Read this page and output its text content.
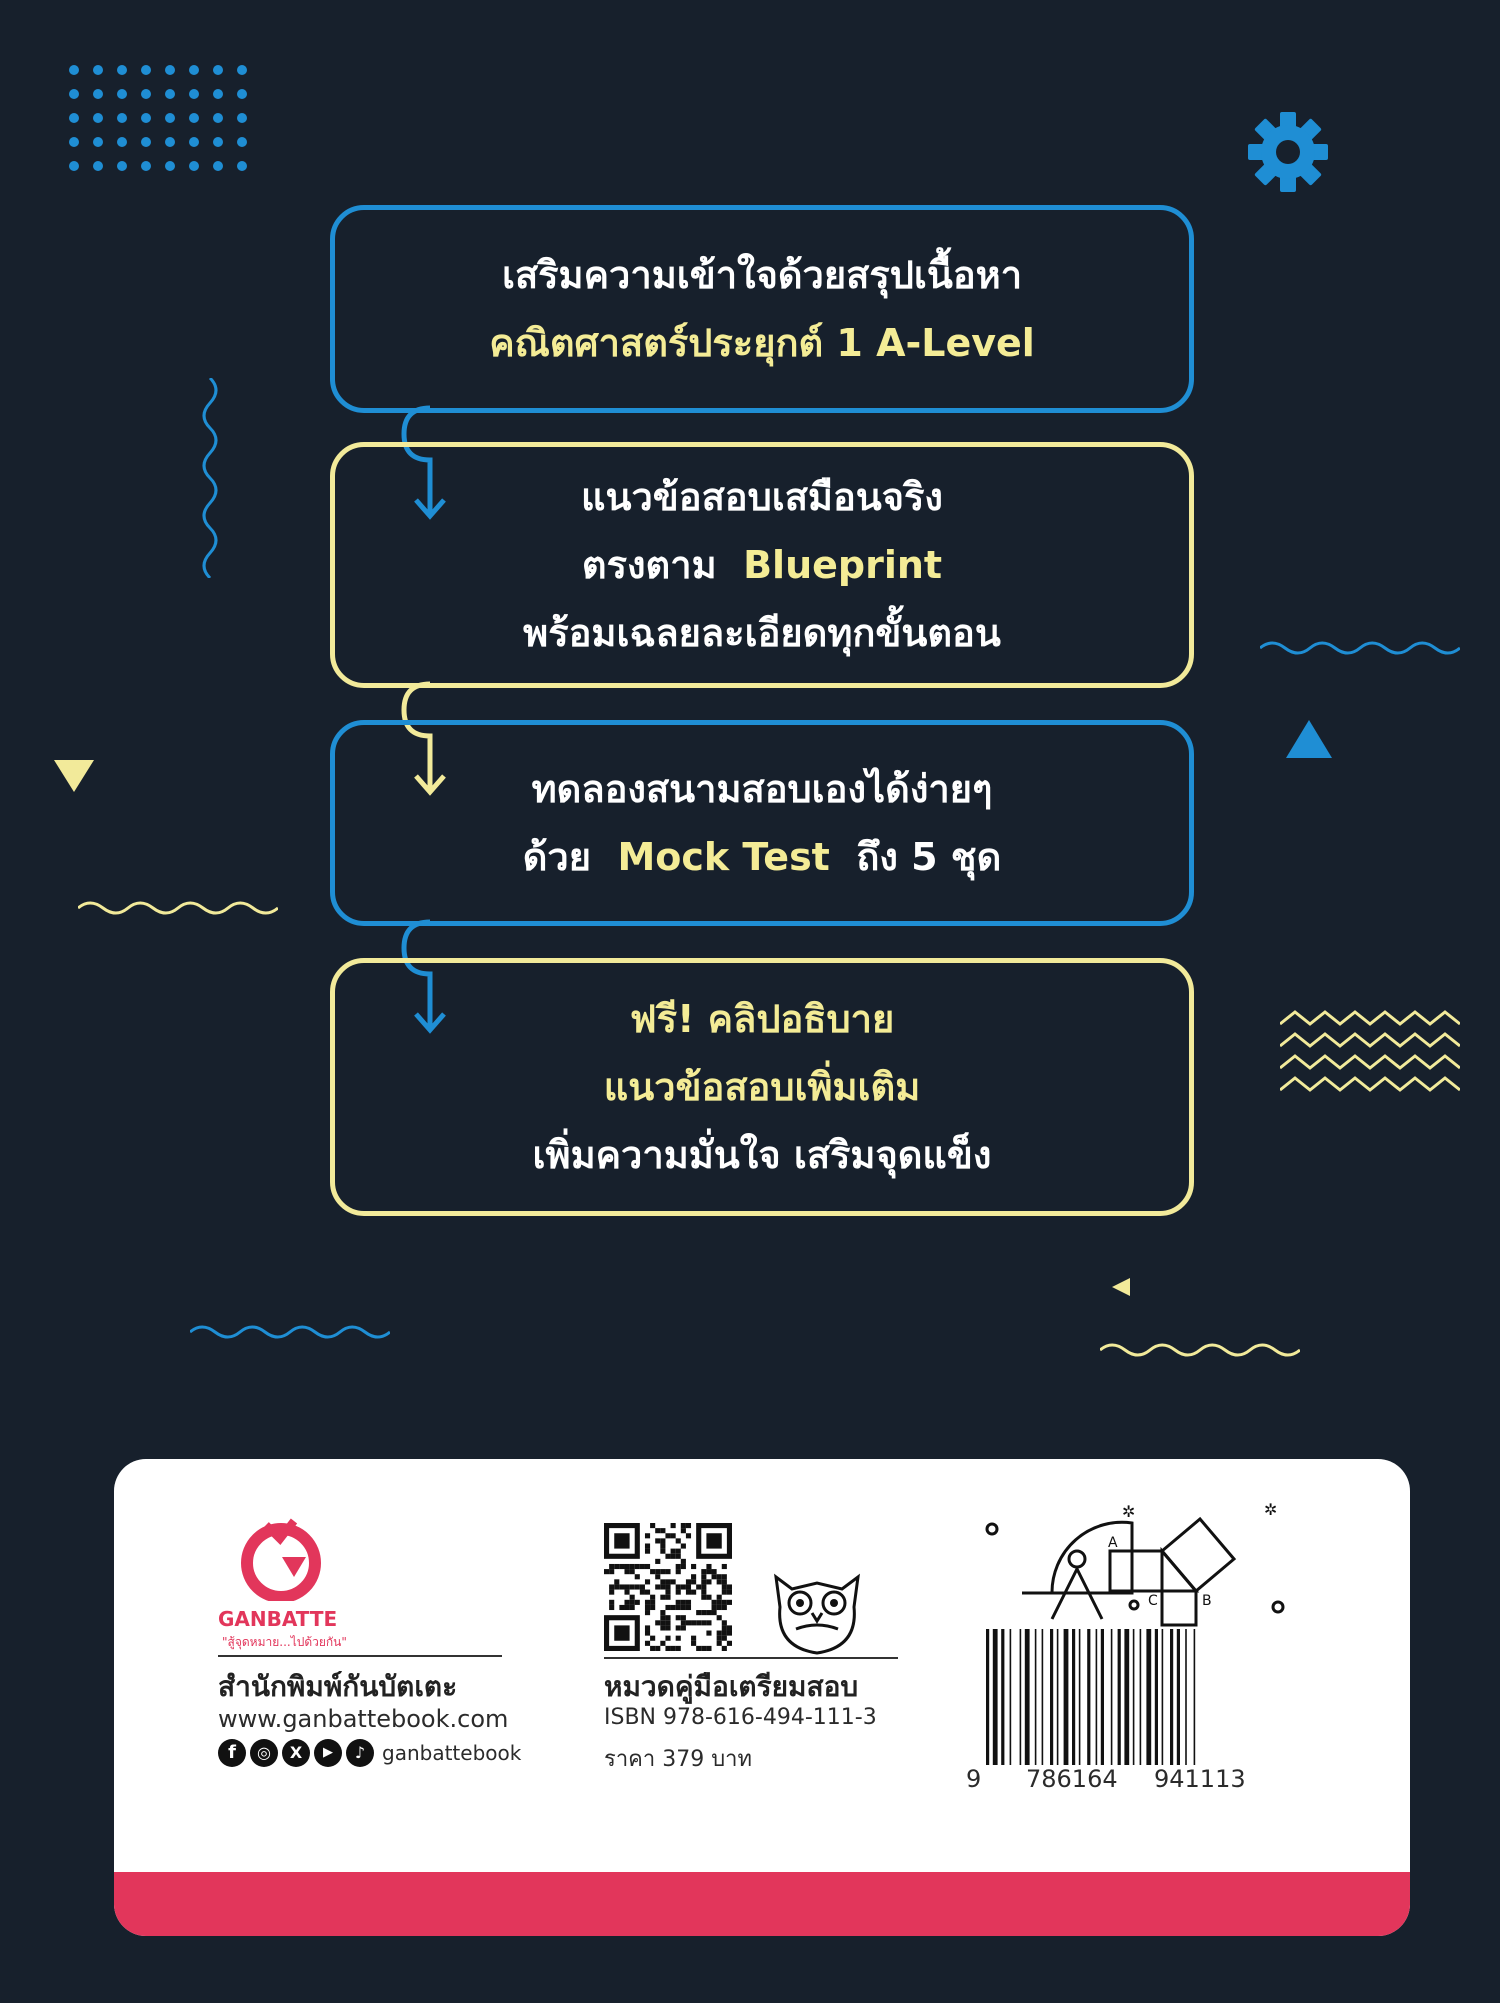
เสริมความเข้าใจด้วยสรุปเนื้อหา
คณิตศาสตร์ประยุกต์ 1 A-Level
แนวข้อสอบเสมือนจริง
ตรงตาม Blueprint
พร้อมเฉลยละเอียดทุกขั้นตอน
ทดลองสนามสอบเองได้ง่ายๆ
ด้วย Mock Test ถึง 5 ชุด
ฟรี! คลิปอธิบาย
แนวข้อสอบเพิ่มเติม
เพิ่มความมั่นใจ เสริมจุดแข็ง
GANBATTE
"สู้จุดหมาย...ไปด้วยกัน"
สำนักพิมพ์กันบัตเตะ
www.ganbattebook.com
f	◎	X	▶	♪ ganbattebook
หมวดคู่มือเตรียมสอบ
ISBN 978-616-494-111-3
ราคา 379 บาท
A
B
C
✲	✲
9 786164 941113
